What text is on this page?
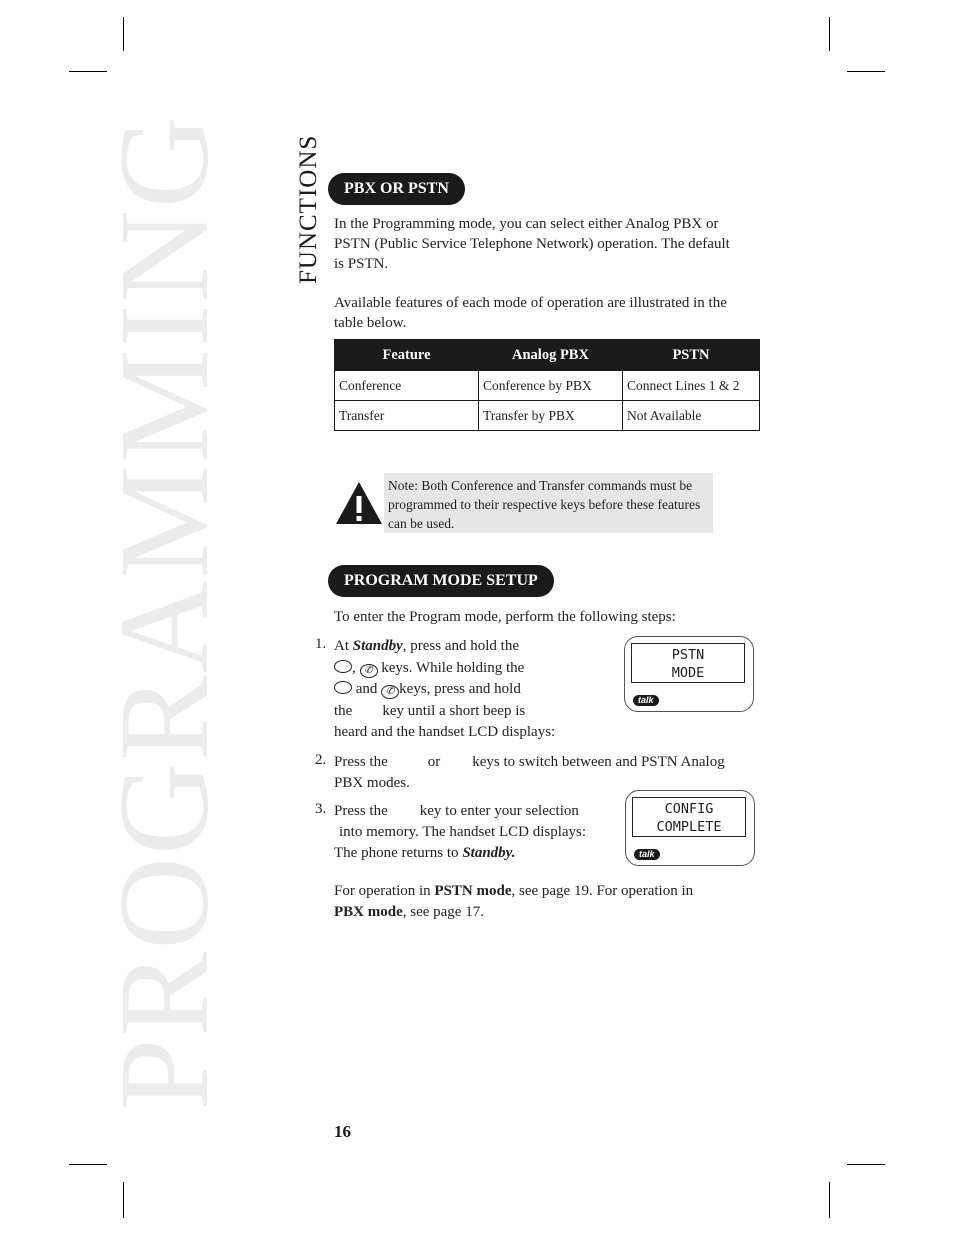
PROGRAMMING FUNCTIONS	PBX OR PSTN
In the Programming mode, you can select either Analog PBX or
PSTN (Public Service Telephone Network) operation. The default
is PSTN.
Available features of each mode of operation are illustrated in the
table below.
Feature	Analog PBX	PSTN
Conference	Conference by PBX	Connect Lines 1 & 2
Transfer	Transfer by PBX	Not Available
Note: Both Conference and Transfer commands must be programmed to their respective keys before these features can be used.
PROGRAM MODE SETUP
To enter the Program mode, perform the following steps:
1. At Standby, press and hold the
, ✆ keys. While holding the
and ✆ keys, press and hold
the key until a short beep is
heard and the handset LCD displays:
PSTN
MODE
talk
2. Press the	or keys to switch between and PSTN Analog
PBX modes.
3. Press the key to enter your selection
into memory. The handset LCD displays:
The phone returns to Standby.
CONFIG
COMPLETE
talk
For operation in PSTN mode, see page 19. For operation in
PBX mode, see page 17.
16
